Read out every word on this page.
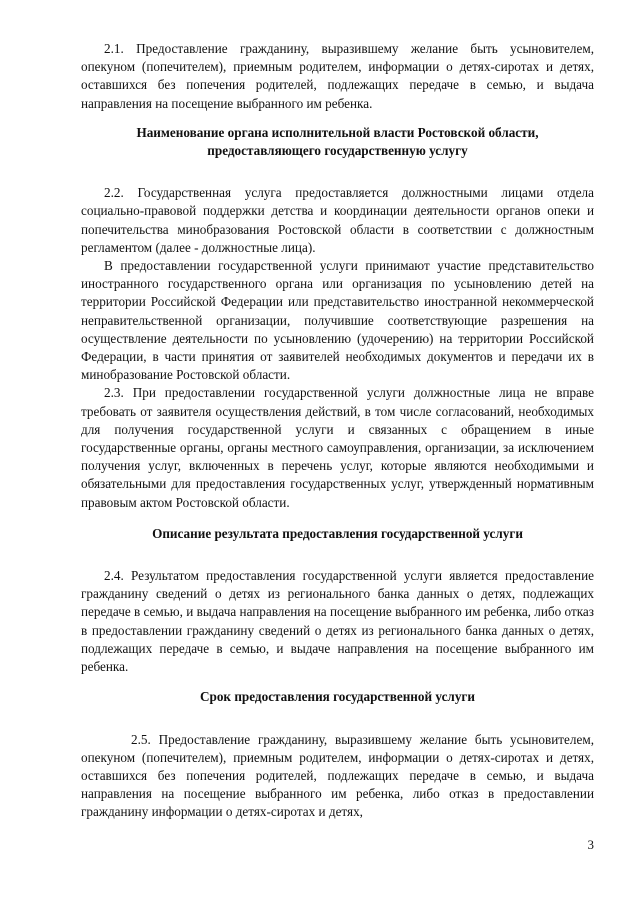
2.1. Предоставление гражданину, выразившему желание быть усыновителем, опекуном (попечителем), приемным родителем, информации о детях-сиротах и детях, оставшихся без попечения родителей, подлежащих передаче в семью, и выдача направления на посещение выбранного им ребенка.

Наименование органа исполнительной власти Ростовской области,
предоставляющего государственную услугу

2.2. Государственная услуга предоставляется должностными лицами отдела социально-правовой поддержки детства и координации деятельности органов опеки и попечительства минобразования Ростовской области в соответствии с должностным регламентом (далее - должностные лица).

В предоставлении государственной услуги принимают участие представительство иностранного государственного органа или организация по усыновлению детей на территории Российской Федерации или представительство иностранной некоммерческой неправительственной организации, получившие соответствующие разрешения на осуществление деятельности по усыновлению (удочерению) на территории Российской Федерации, в части принятия от заявителей необходимых документов и передачи их в минобразование Ростовской области.

2.3. При предоставлении государственной услуги должностные лица не вправе требовать от заявителя осуществления действий, в том числе согласований, необходимых для получения государственной услуги и связанных с обращением в иные государственные органы, органы местного самоуправления, организации, за исключением получения услуг, включенных в перечень услуг, которые являются необходимыми и обязательными для предоставления государственных услуг, утвержденный нормативным правовым актом Ростовской области.

Описание результата предоставления государственной услуги

2.4. Результатом предоставления государственной услуги является предоставление гражданину сведений о детях из регионального банка данных о детях, подлежащих передаче в семью, и выдача направления на посещение выбранного им ребенка, либо отказ в предоставлении гражданину сведений о детях из регионального банка данных о детях, подлежащих передаче в семью, и выдаче направления на посещение выбранного им ребенка.

Срок предоставления государственной услуги

2.5. Предоставление гражданину, выразившему желание быть усыновителем, опекуном (попечителем), приемным родителем, информации о детях-сиротах и детях, оставшихся без попечения родителей, подлежащих передаче в семью, и выдача направления на посещение выбранного им ребенка, либо отказ в предоставлении гражданину информации о детях-сиротах и детях,

3
